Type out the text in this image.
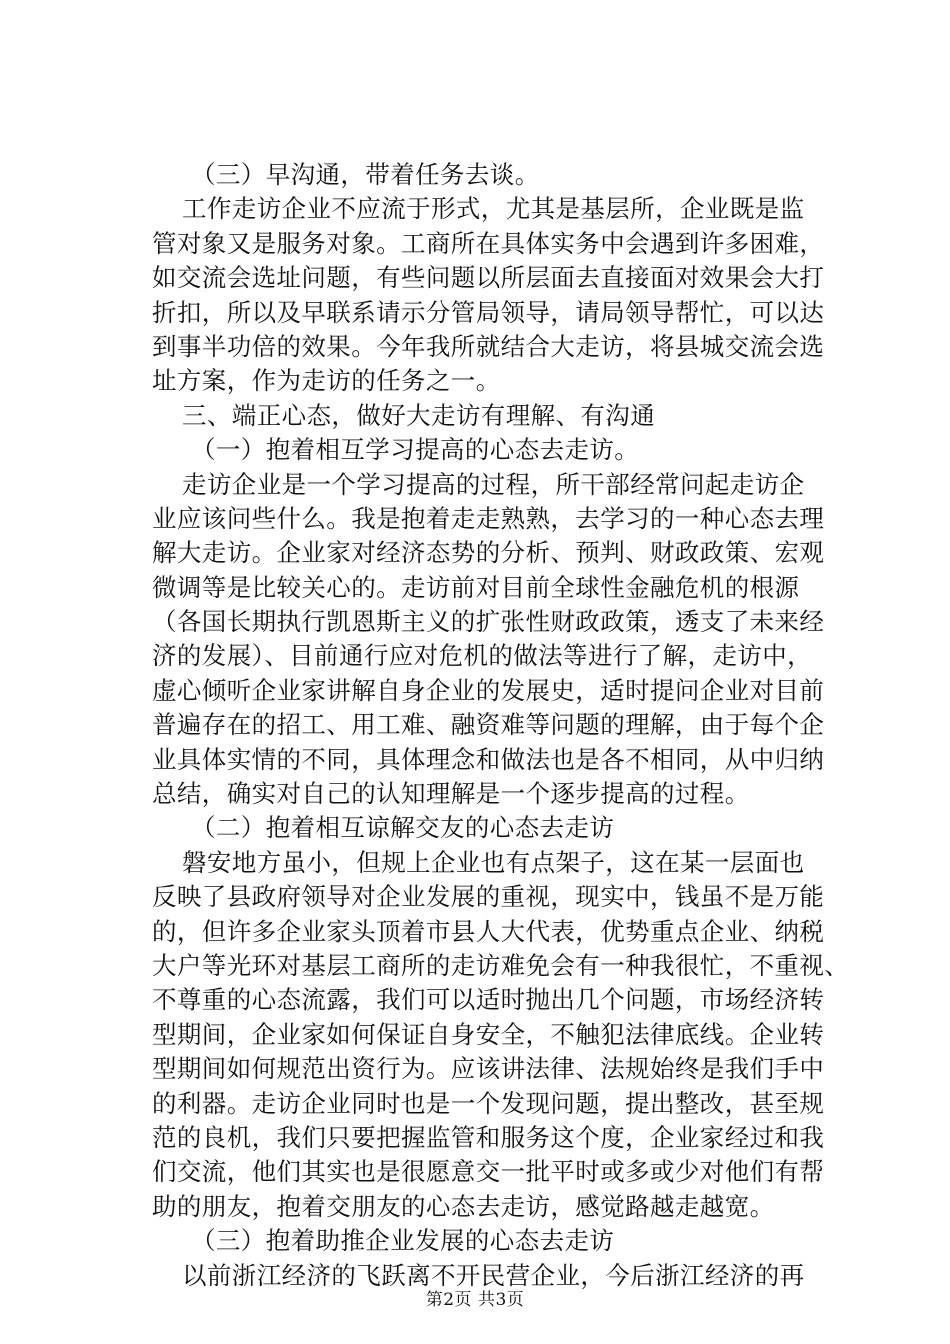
（三）早沟通，带着任务去谈。
工作走访企业不应流于形式，尤其是基层所，企业既是监
管对象又是服务对象。工商所在具体实务中会遇到许多困难，
如交流会选址问题，有些问题以所层面去直接面对效果会大打
折扣，所以及早联系请示分管局领导，请局领导帮忙，可以达
到事半功倍的效果。今年我所就结合大走访，将县城交流会选
址方案，作为走访的任务之一。
三、端正心态，做好大走访有理解、有沟通
（一）抱着相互学习提高的心态去走访。
走访企业是一个学习提高的过程，所干部经常问起走访企
业应该问些什么。我是抱着走走熟熟，去学习的一种心态去理
解大走访。企业家对经济态势的分析、预判、财政政策、宏观
微调等是比较关心的。走访前对目前全球性金融危机的根源
（各国长期执行凯恩斯主义的扩张性财政政策，透支了未来经
济的发展）、目前通行应对危机的做法等进行了解，走访中，
虚心倾听企业家讲解自身企业的发展史，适时提问企业对目前
普遍存在的招工、用工难、融资难等问题的理解，由于每个企
业具体实情的不同，具体理念和做法也是各不相同，从中归纳
总结，确实对自己的认知理解是一个逐步提高的过程。
（二）抱着相互谅解交友的心态去走访
磐安地方虽小，但规上企业也有点架子，这在某一层面也
反映了县政府领导对企业发展的重视，现实中，钱虽不是万能
的，但许多企业家头顶着市县人大代表，优势重点企业、纳税
大户等光环对基层工商所的走访难免会有一种我很忙，不重视、
不尊重的心态流露，我们可以适时抛出几个问题，市场经济转
型期间，企业家如何保证自身安全，不触犯法律底线。企业转
型期间如何规范出资行为。应该讲法律、法规始终是我们手中
的利器。走访企业同时也是一个发现问题，提出整改，甚至规
范的良机，我们只要把握监管和服务这个度，企业家经过和我
们交流，他们其实也是很愿意交一批平时或多或少对他们有帮
助的朋友，抱着交朋友的心态去走访，感觉路越走越宽。
（三）抱着助推企业发展的心态去走访
以前浙江经济的飞跃离不开民营企业，今后浙江经济的再
第2页 共3页
